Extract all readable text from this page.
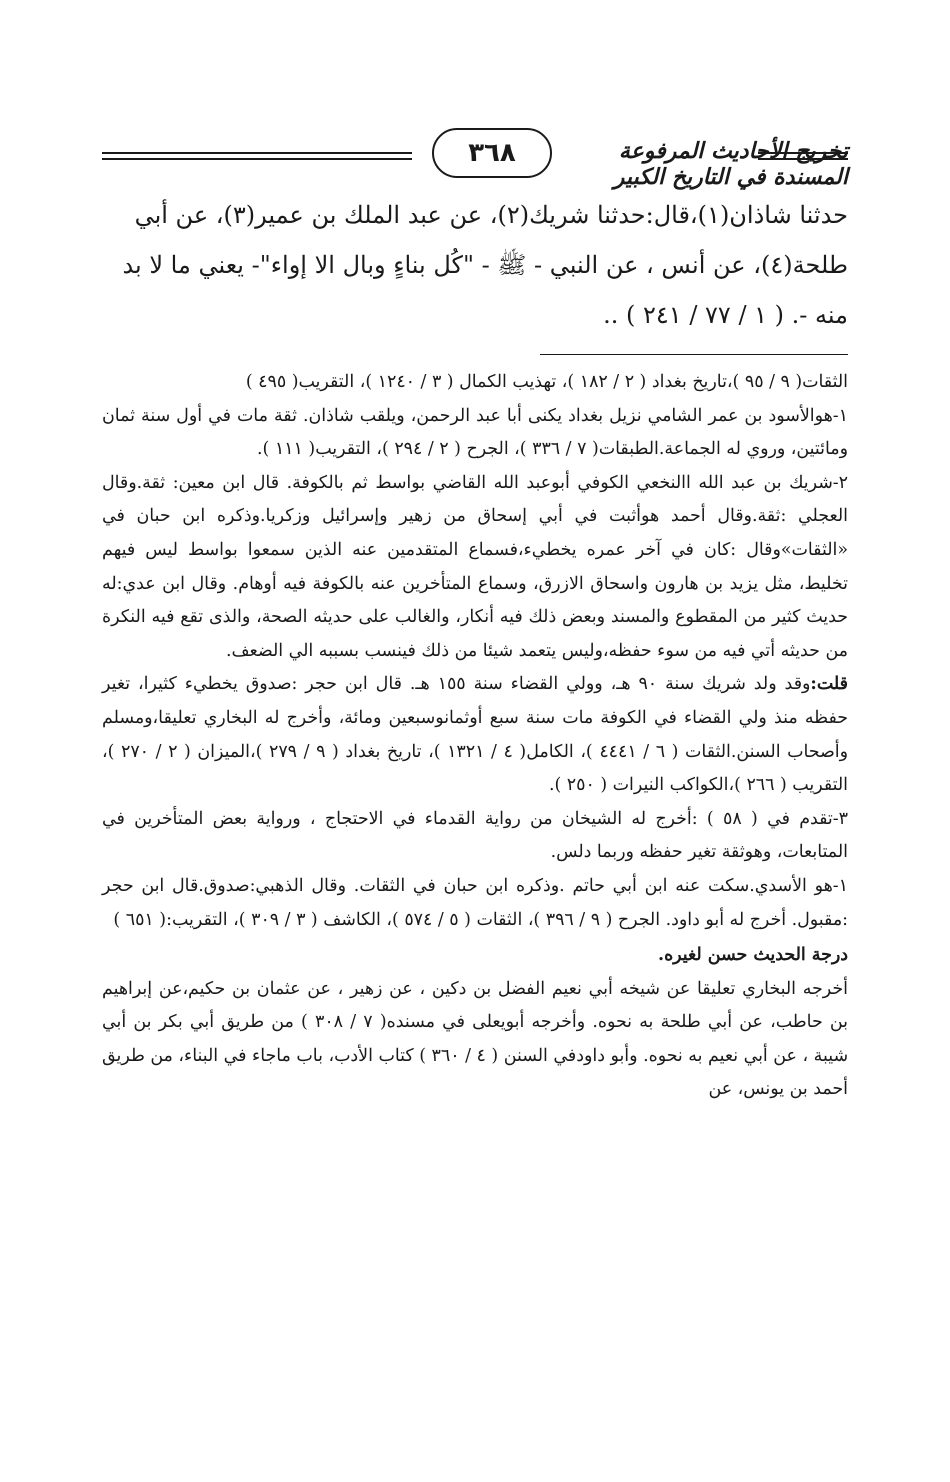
٣٦٨	تخريج الأحاديث المرفوعة المسندة في التاريخ الكبير

حدثنا شاذان(١)،قال:حدثنا شريك(٢)، عن عبد الملك بن عمير(٣)، عن أبي

طلحة(٤)، عن أنس ، عن النبي - ﷺ - "كُل بناءٍ وبال الا إواء"- يعني ما لا بد

منه -. ( ١ / ٧٧ / ٢٤١ ) ..

الثقات( ٩ / ٩٥ )،تاريخ بغداد ( ٢ / ١٨٢ )، تهذيب الكمال ( ٣ / ١٢٤٠ )، التقريب( ٤٩٥ )

١-هوالأسود بن عمر الشامي نزيل بغداد يكنى أبا عبد الرحمن، ويلقب شاذان. ثقة مات في أول سنة ثمان ومائتين، وروي له الجماعة.الطبقات( ٧ / ٣٣٦ )، الجرح ( ٢ / ٢٩٤ )، التقريب( ١١١ ).

٢-شريك بن عبد الله االنخعي الكوفي أبوعبد الله القاضي بواسط ثم بالكوفة. قال ابن معين: ثقة.وقال العجلي :ثقة.وقال أحمد هوأثبت في أبي إسحاق من زهير وإسرائيل وزكريا.وذكره ابن حبان في «الثقات»وقال :كان في آخر عمره يخطيء،فسماع المتقدمين عنه الذين سمعوا بواسط ليس فيهم تخليط، مثل يزيد بن هارون واسحاق الازرق، وسماع المتأخرين عنه بالكوفة فيه أوهام. وقال ابن عدي:له حديث كثير من المقطوع والمسند وبعض ذلك فيه أنكار، والغالب على حديثه الصحة، والذى تقع فيه النكرة من حديثه أتي فيه من سوء حفظه،وليس يتعمد شيئا من ذلك فينسب بسببه الي الضعف.

قلت:وقد ولد شريك سنة ٩٠ هـ، وولي القضاء سنة ١٥٥ هـ. قال ابن حجر :صدوق يخطيء كثيرا، تغير حفظه منذ ولي القضاء في الكوفة مات سنة سبع أوثمانوسبعين ومائة، وأخرج له البخاري تعليقا،ومسلم وأصحاب السنن.الثقات ( ٦ / ٤٤٤١ )، الكامل( ٤ / ١٣٢١ )، تاريخ بغداد ( ٩ / ٢٧٩ )،الميزان ( ٢ / ٢٧٠ )، التقريب ( ٢٦٦ )،الكواكب النيرات ( ٢٥٠ ).

٣-تقدم في ( ٥٨ ) :أخرج له الشيخان من رواية القدماء في الاحتجاج ، ورواية بعض المتأخرين في المتابعات، وهوثقة تغير حفظه وربما دلس.

١-هو الأسدي.سكت عنه ابن أبي حاتم .وذكره ابن حبان في الثقات. وقال الذهبي:صدوق.قال ابن حجر :مقبول. أخرج له أبو داود. الجرح ( ٩ / ٣٩٦ )، الثقات ( ٥ / ٥٧٤ )، الكاشف ( ٣ / ٣٠٩ )، التقريب:( ٦٥١ )

درجة الحديث حسن لغيره.

أخرجه البخاري تعليقا عن شيخه أبي نعيم الفضل بن دكين ، عن زهير ، عن عثمان بن حكيم،عن إبراهيم بن حاطب، عن أبي طلحة به نحوه. وأخرجه أبويعلى في مسنده( ٧ / ٣٠٨ ) من طريق أبي بكر بن أبي شيبة ، عن أبي نعيم به نحوه. وأبو داودفي السنن ( ٤ / ٣٦٠ ) كتاب الأدب، باب ماجاء في البناء، من طريق أحمد بن يونس، عن
